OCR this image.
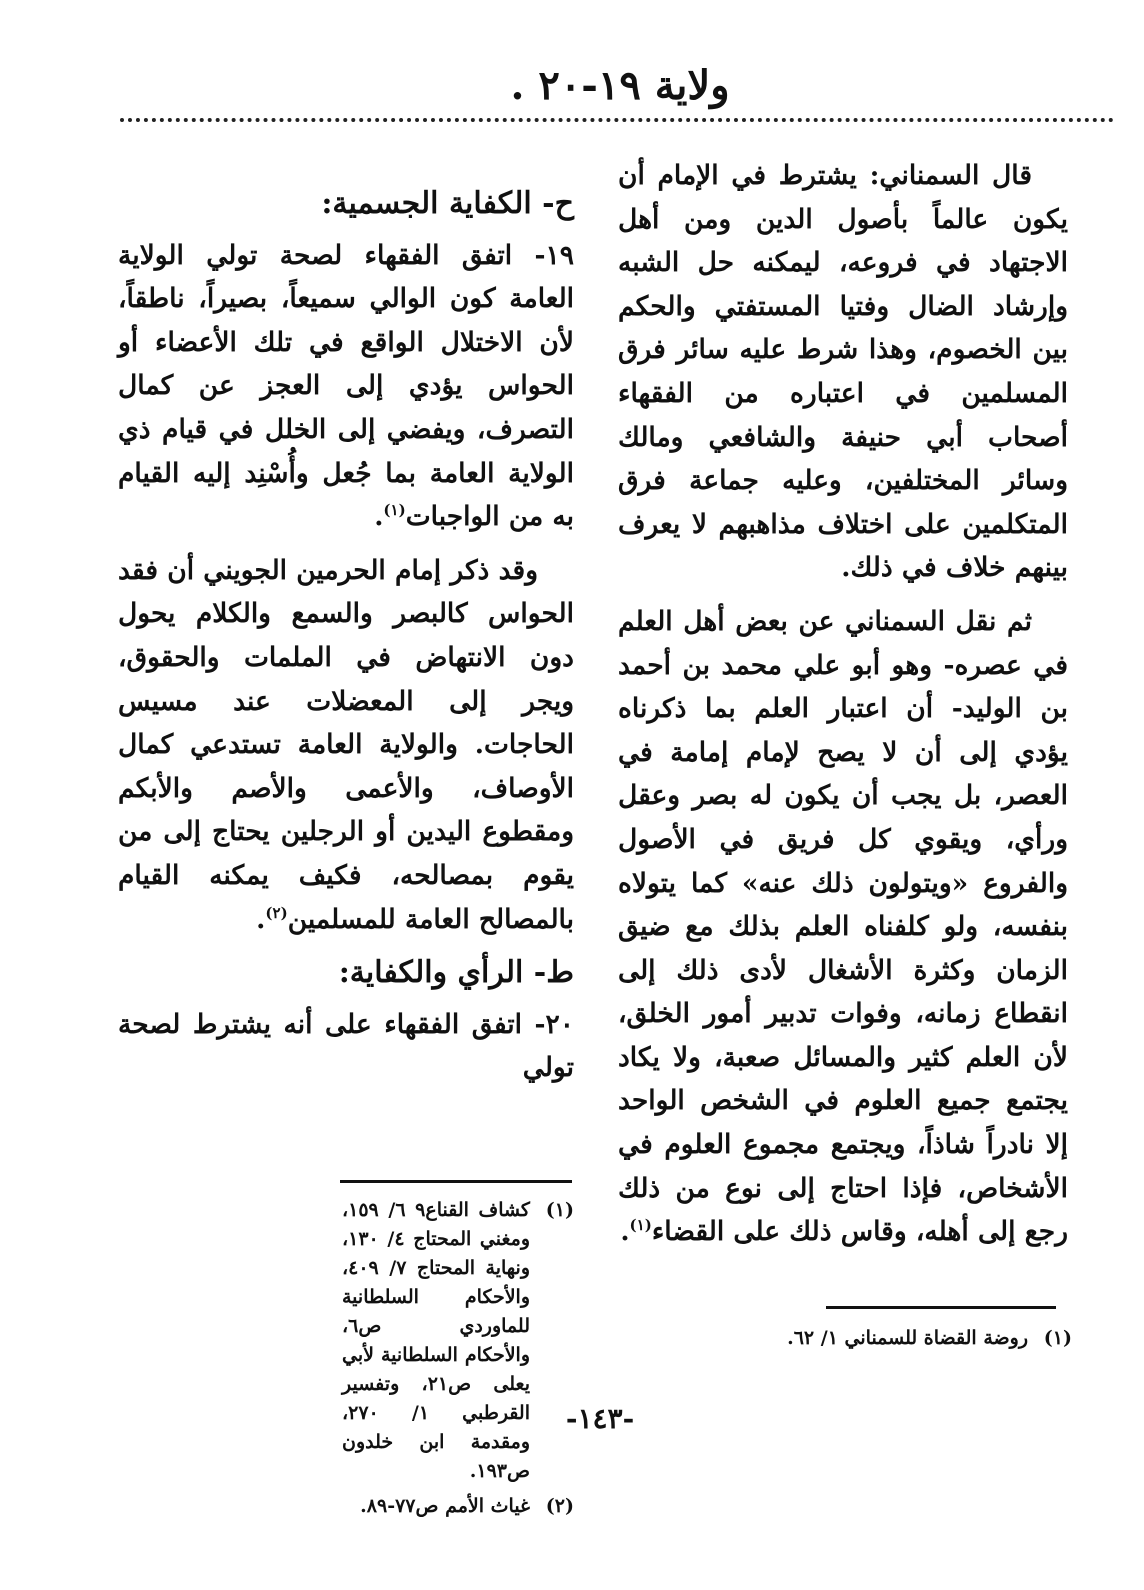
ولاية ١٩-٢٠ .

قال السمناني: يشترط في الإمام أن يكون عالماً بأصول الدين ومن أهل الاجتهاد في فروعه، ليمكنه حل الشبه وإرشاد الضال وفتيا المستفتي والحكم بين الخصوم، وهذا شرط عليه سائر فرق المسلمين في اعتباره من الفقهاء أصحاب أبي حنيفة والشافعي ومالك وسائر المختلفين، وعليه جماعة فرق المتكلمين على اختلاف مذاهبهم لا يعرف بينهم خلاف في ذلك.

ثم نقل السمناني عن بعض أهل العلم في عصره- وهو أبو علي محمد بن أحمد بن الوليد- أن اعتبار العلم بما ذكرناه يؤدي إلى أن لا يصح لإمام إمامة في العصر، بل يجب أن يكون له بصر وعقل ورأي، ويقوي كل فريق في الأصول والفروع «ويتولون ذلك عنه» كما يتولاه بنفسه، ولو كلفناه العلم بذلك مع ضيق الزمان وكثرة الأشغال لأدى ذلك إلى انقطاع زمانه، وفوات تدبير أمور الخلق، لأن العلم كثير والمسائل صعبة، ولا يكاد يجتمع جميع العلوم في الشخص الواحد إلا نادراً شاذاً، ويجتمع مجموع العلوم في الأشخاص، فإذا احتاج إلى نوع من ذلك رجع إلى أهله، وقاس ذلك على القضاء$^{(١)}$.

ح- الكفاية الجسمية:

١٩- اتفق الفقهاء لصحة تولي الولاية العامة كون الوالي سميعاً، بصيراً، ناطقاً، لأن الاختلال الواقع في تلك الأعضاء أو الحواس يؤدي إلى العجز عن كمال التصرف، ويفضي إلى الخلل في قيام ذي الولاية العامة بما جُعل وأُسْنِد إليه القيام به من الواجبات$^{(١)}$.

وقد ذكر إمام الحرمين الجويني أن فقد الحواس كالبصر والسمع والكلام يحول دون الانتهاض في الملمات والحقوق، ويجر إلى المعضلات عند مسيس الحاجات. والولاية العامة تستدعي كمال الأوصاف، والأعمى والأصم والأبكم ومقطوع اليدين أو الرجلين يحتاج إلى من يقوم بمصالحه، فكيف يمكنه القيام بالمصالح العامة للمسلمين$^{(٢)}$.

ط- الرأي والكفاية:

٢٠- اتفق الفقهاء على أنه يشترط لصحة تولي

(١)
روضة القضاة للسمناني ١/ ٦٢.
(١)
كشاف القناع٩ ٦/ ١٥٩، ومغني المحتاج ٤/ ١٣٠، ونهاية المحتاج ٧/ ٤٠٩، والأحكام السلطانية للماوردي ص٦، والأحكام السلطانية لأبي يعلى ص٢١، وتفسير القرطبي ١/ ٢٧٠، ومقدمة ابن خلدون ص١٩٣.
(٢)
غياث الأمم ص٧٧-٨٩.
-١٤٣-
